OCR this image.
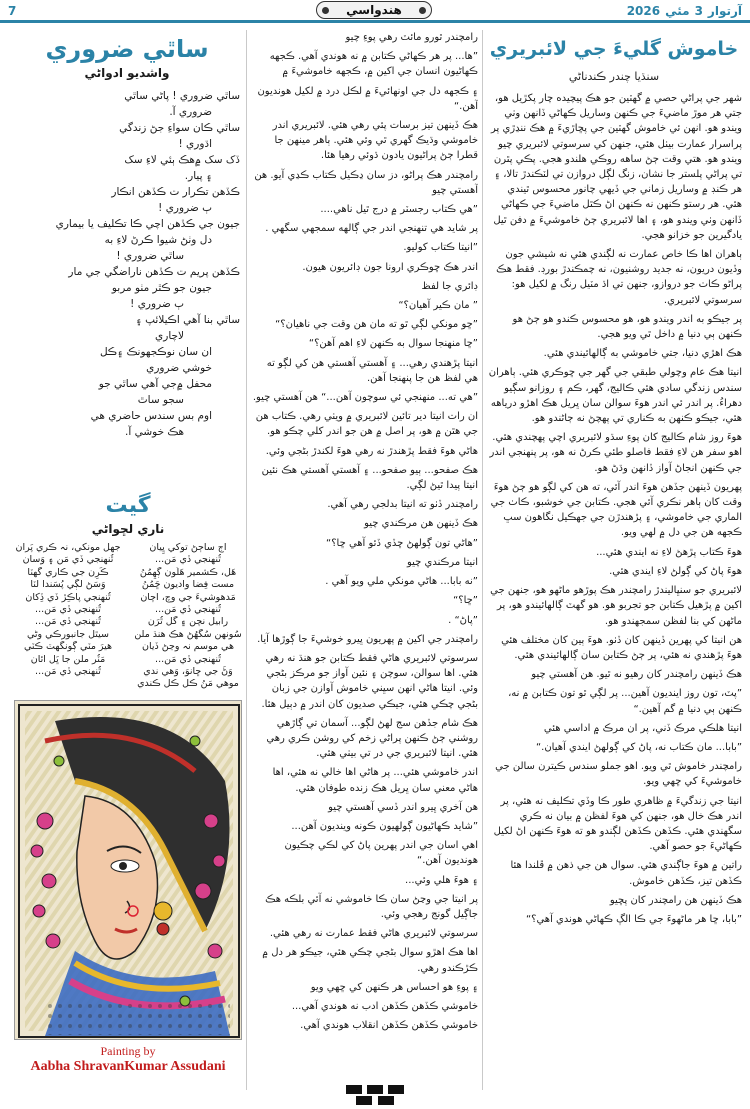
7	هندواسي	آرتوار3مئي2026
خاموش گليءَ جي لائبريري
سنڌيا چندر ڪندناڻي

شهر جي پراڻي حصي ۾ گهٽين جو هڪ پيچيده چار پکڙيل هو، جتي هر موڙ ماضيءَ جي ڪنهن وساريل ڪهاڻي ڏانهن وٺي ويندو هو. انهن ئي خاموش گهٽين جي پڇاڙيءَ ۾ هڪ ننڍڙي پر پراسرار عمارت بيٺل هئي، جنهن کي سرسوتي لائبريري چيو ويندو هو. هتي وقت ڄڻ ساهه روڪي هلندو هجي. پڪي پٿرن تي پراڻي پلستر جا نشان، زنگ لڳل دروازن تي لٽڪندڙ تالا، ۽ هر ڪنڊ ۾ وساريل زماني جي ڏيهي چانور محسوس ٿيندي هئي. هر رستو ڪنهن نه ڪنهن اڻ ڪٿل ماضيءَ جي ڪهاڻي ڏانهن وٺي ويندو هو، ۽ اها لائبريري ڄڻ خاموشيءَ ۾ دفن ٿيل يادگيرين جو خزانو هجي.

ٻاهران اها ڪا خاص عمارت نه لڳندي هئي نه شيشي جون وڏيون دريون، نه جديد روشنيون، نه چمڪندڙ بورڊ. فقط هڪ پراڻو ڪاٺ جو دروازو، جنهن تي اڌ مٽيل رنگ ۾ لکيل هو: سرسوتي لائبريري.

پر جيڪو به اندر ويندو هو، هو محسوس ڪندو هو ڄڻ هو ڪنهن ٻي دنيا ۾ داخل ٿي ويو هجي.

هڪ اهڙي دنيا، جتي خاموشي به ڳالهائيندي هئي.

انيتا هڪ عام وچولي طبقي جي گهر جي ڇوڪري هئي. ٻاهران سندس زندگي سادي هئي ڪاليج، گهر، ڪم ۽ روزانو سڳيو دهراءُ. پر اندر ئي اندر هوءَ سوالن سان ڀريل هڪ اهڙو درياهه هئي، جيڪو ڪنهن به ڪناري تي پهچڻ نه ڄاڻندو هو.

هوءَ روز شام ڪاليج کان پوءِ سڌو لائبريري اچي پهچندي هئي. اهو سفر هن لاءِ فقط فاصلو طئي ڪرڻ نه هو، پر پنهنجي اندر جي ڪنهن انجاڻ آواز ڏانهن وڌڻ هو.

پهريون ڏينهن جڏهن هوءَ اندر آئي، ته هن کي لڳو هو ڄڻ هوءَ وقت کان ٻاهر نڪري آئي هجي. ڪتابن جي خوشبو، ڪاٺ جي الماري جي خاموشي، ۽ پڙهندڙن جي جهڪيل نگاهون سڀ ڪجهه هن جي دل ۾ لهي ويو.

هوءَ ڪتاب پڙهڻ لاءِ نه ايندي هئي...

هوءَ پاڻ کي ڳولڻ لاءِ ايندي هئي.

لائبريري جو سنڀاليندڙ رامچندر هڪ پوڙهو ماڻهو هو، جنهن جي اکين ۾ پڙهيل ڪتابن جو تجربو هو. هو گهٽ ڳالهائيندو هو، پر ماڻهن کي بنا لفظن سمجهندو هو.

هن انيتا کي پهرين ڏينهن کان ڏٺو. هوءَ ٻين کان مختلف هئي هوءَ پڙهندي نه هئي، پر ڄڻ ڪتابن سان ڳالهائيندي هئي.

هڪ ڏينهن رامچندر کان رهيو نه ٿيو. هن آهستي چيو

”پٽ، تون روز اينديون آهين... پر لڳي ٿو تون ڪتابن ۾ نه، ڪنهن ٻي دنيا ۾ گم آهين.“

انيتا هلڪي مرڪ ڏني، پر ان مرڪ ۾ اداسي هئي

”بابا... مان ڪتاب نه، پاڻ کي ڳولهڻ ايندي آهيان.“

رامچندر خاموش ٿي ويو. اهو جملو سندس ڪيترن سالن جي خاموشيءَ کي ڇهي ويو.

انيتا جي زندگيءَ ۾ ظاهري طور ڪا وڏي تڪليف نه هئي، پر اندر هڪ خال هو، جنهن کي هوءَ لفظن ۾ بيان نه ڪري سگهندي هئي. ڪڏهن ڪڏهن لڳندو هو ته هوءَ ڪنهن اڻ لکيل ڪهاڻيءَ جو حصو آهي.

راتين ۾ هوءَ جاڳندي هئي. سوال هن جي ذهن ۾ ڦلندا هئا ڪڏهن تيز، ڪڏهن خاموش.

هڪ ڏينهن هن رامچندر کان پڇيو

”بابا، ڇا هر ماڻهوءَ جي ڪا الڳ ڪهاڻي هوندي آهي؟“

رامچندر ٿورو مائٽ رهي پوءِ چيو

”ها... پر هر ڪهاڻي ڪتابن ۾ نه هوندي آهي. ڪجهه ڪهاڻيون انسان جي اکين ۾، ڪجهه خاموشيءَ ۾

۽ ڪجهه دل جي اونهائيءَ ۾ لڪل درد ۾ لکيل هونديون آهن.“

هڪ ڏينهن تيز برسات پئي رهي هئي. لائبريري اندر خاموشي وڌيڪ گهري ٿي وئي هئي. ٻاهر مينهن جا قطرا ڄڻ پراڻيون يادون ڌوئي رهيا هئا.

رامچندر هڪ پراڻو، دز سان ڍڪيل ڪتاب ڪڍي آيو. هن آهستي چيو

”هي ڪتاب رجسٽر ۾ درج ٿيل ناهي....

پر شايد هي تنهنجي اندر جي ڳالهه سمجهي سگهي .

”انيتا ڪتاب کوليو.

اندر هڪ ڇوڪري ارونا جون ڊائريون هيون.

ڊائري جا لفظ

” مان ڪير آهيان؟“

”ڇو مونکي لڳي ٿو ته مان هن وقت جي ناهيان؟“

”ڇا منهنجا سوال به ڪنهن لاءِ اهم آهن؟“

انيتا پڙهندي رهي... ۽ آهستي آهستي هن کي لڳو ته هي لفظ هن جا پنهنجا آهن.

”هي ته... منهنجي ئي سوچون آهن...“ هن آهستي چيو.

ان رات انيتا دير تائين لائبريري ۾ ويٺي رهي. ڪتاب هن جي هٿن ۾ هو، پر اصل ۾ هن جو اندر کلي چڪو هو.

هاڻي هوءَ فقط پڙهندڙ نه رهي هوءَ لکندڙ بڻجي وئي.

هڪ صفحو... ٻيو صفحو... ۽ آهستي آهستي هڪ نئين انيتا پيدا ٿيڻ لڳي.

رامچندر ڏٺو ته انيتا بدلجي رهي آهي.

هڪ ڏينهن هن مرڪندي چيو

”هاڻي تون ڳولهڻ ڇڏي ڏئو آهي ڇا؟“

انيتا مرڪندي چيو

”نه بابا... هاڻي مونکي ملي ويو آهي .

”ڇا؟“

”پاڻ“ .

رامچندر جي اکين ۾ پهريون ڀيرو خوشيءَ جا ڳوڙها آيا.

سرسوتي لائبريري هاڻي فقط ڪتابن جو هنڌ نه رهي هئي. اها سوالن، سوچن ۽ نئين آواز جو مرڪز بڻجي وئي. انيتا هاڻي انهن سڀني خاموش آوازن جي زبان بڻجي چڪي هئي، جيڪي صديون کان اندر ۾ دٻيل هئا.

هڪ شام جڏهن سج لهڻ لڳو... آسمان تي ڳاڙهي روشني ڄڻ ڪنهن پراڻي زخم کي روشن ڪري رهي هئي. انيتا لائبريري جي در تي بيٺي هئي.

اندر خاموشي هئي... پر هاڻي اها خالي نه هئي، اها هاڻي معني سان ڀريل هڪ زنده طوفان هئي.

هن آخري ڀيرو اندر ڏسي آهستي چيو

”شايد ڪهاڻيون ڳولهيون ڪونه وينديون آهن...

اهي اسان جي اندر پهرين پاڻ کي لڪي چڪيون هونديون آهن.“

۽ هوءَ هلي وئي...

پر انيتا جي وڃڻ سان ڪا خاموشي نه آئي بلڪه هڪ جاڳيل گونج رهجي وئي.

سرسوتي لائبريري هاڻي فقط عمارت نه رهي هئي.

اها هڪ اهڙو سوال بڻجي چڪي هئي، جيڪو هر دل ۾ ڪڙڪندو رهي.

۽ پوءِ هو احساس هر ڪنهن کي ڇهي ويو

خاموشي ڪڏهن ڪڏهن ادب نه هوندي آهي...

خاموشي ڪڏهن ڪڏهن انقلاب هوندي آهي.

ساٿي ضروري
واشديو ادواڻي
ساٿي ضروري ! پاڻي ساٿي
ضروري آ.
ساٿي ڪان سواءِ جڻ زندگي
اڌوري !
ڏک سک ۾هڪ ٻئي لاءِ سک
۽ پيار.
ڪڏهن تڪرار ت ڪڏهن انڪار
ٻ ضروري !
جيون جي ڪڏهن اچي ڪا تڪليف يا بيماري
دل وٺڻ شيوا ڪرڻ لاءِ به
ساٿي ضروري !
ڪڏهن پريم ت ڪڏهن ناراضگي جي مار
جيون جو ڪٿر مٺو مربو
ٻ ضروري !
ساٿي بنا آهي اڪيلائپ ۽
لاچاري
ان سان نوڪجهونڪ ۽ڪل
خوشي ضروري
محفل ۾جي آهي ساٿي جو
سجو ساٿ
اوم بس سندس حاضري هي
هڪ خوشي آ.
گيت
ناري لڇواڻي
اڄ ساڄڻ توکي ڀِيان
ٿُنهنجي ڏي مَن...
هَل، ڪشمير هَلُون ڳَهِمُنُ
مست فِضا واديون ڇَمُنُ
مَدهوشيءَ جي وچ، آچان
ٿُنهنجي ڏي مَن...
رابيل نچن ۽ گل ٿُرَن
سُونهن سُگهُڻ هڪ هنڌ ملن
هي موسم نہ وڃڻ ڏيان
ٿُنهنجي ڏي مَن...
وَڻَ جي ڇانوَ، وَهي ندي
موهي مَنُ ڪل ڪل ڪندي
جهل مونکي، نہ ڪري پَران
ٿُنهنجي ڏي مَن ۽ وَسان
ڪَرِن جي ڪاري گهٽا
وَسَڻ لڳي پُسَندا لٽا
ٿُنهنجي پاڪِڙ ڏي ڏِکان
ٿُنهنجي ڏي مَن...
ٿُنهنجي ڏي مَن...
سيٿل جانبورڪي وڻي
هيرَ مٽي ڳُونگهٽ ڪٽي
مَٽُر ملن جا ڀَل آئان
ٿُنهنجي ڏي مَن...

Painting by
Aabha ShravanKumar Assudani
